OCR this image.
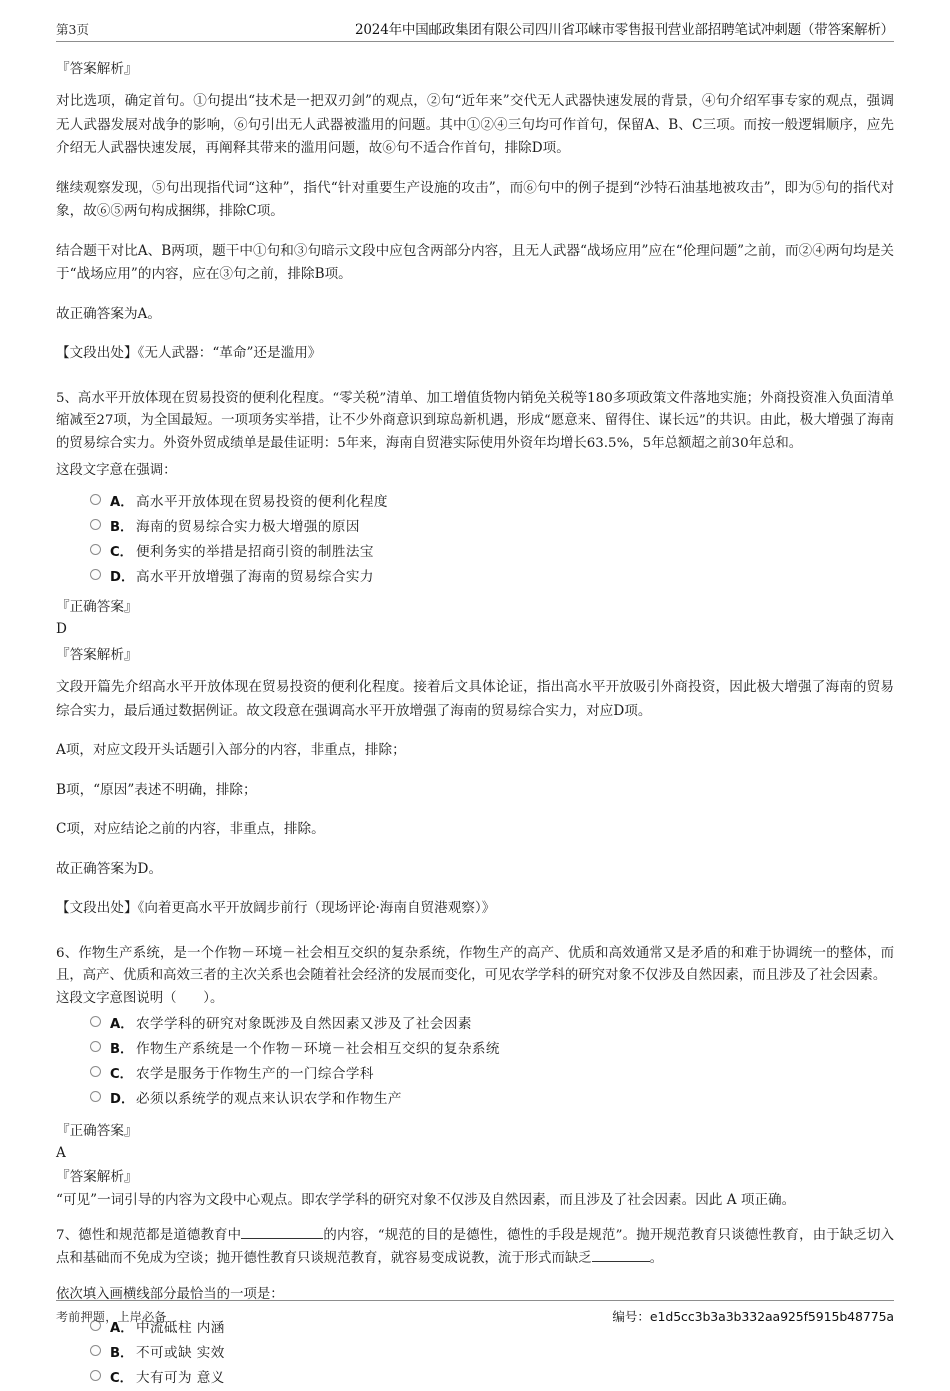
第3页	2024年中国邮政集团有限公司四川省邛崃市零售报刊营业部招聘笔试冲刺题（带答案解析）
『答案解析』
对比选项，确定首句。①句提出“技术是一把双刃剑”的观点，②句“近年来”交代无人武器快速发展的背景，④句介绍军事专家的观点，强调无人武器发展对战争的影响，⑥句引出无人武器被滥用的问题。其中①②④三句均可作首句，保留A、B、C三项。而按一般逻辑顺序，应先介绍无人武器快速发展，再阐释其带来的滥用问题，故⑥句不适合作首句，排除D项。
继续观察发现，⑤句出现指代词“这种”，指代“针对重要生产设施的攻击”，而⑥句中的例子提到“沙特石油基地被攻击”，即为⑤句的指代对象，故⑥⑤两句构成捆绑，排除C项。
结合题干对比A、B两项，题干中①句和③句暗示文段中应包含两部分内容，且无人武器“战场应用”应在“伦理问题”之前，而②④两句均是关于“战场应用”的内容，应在③句之前，排除B项。
故正确答案为A。
【文段出处】《无人武器：“革命”还是滥用》

5、高水平开放体现在贸易投资的便利化程度。“零关税”清单、加工增值货物内销免关税等180多项政策文件落地实施；外商投资准入负面清单缩减至27项，为全国最短。一项项务实举措，让不少外商意识到琼岛新机遇，形成“愿意来、留得住、谋长远”的共识。由此，极大增强了海南的贸易综合实力。外资外贸成绩单是最佳证明：5年来，海南自贸港实际使用外资年均增长63.5%，5年总额超之前30年总和。

这段文字意在强调：

A． 高水平开放体现在贸易投资的便利化程度
B． 海南的贸易综合实力极大增强的原因
C． 便利务实的举措是招商引资的制胜法宝
D． 高水平开放增强了海南的贸易综合实力
『正确答案』
D
『答案解析』
文段开篇先介绍高水平开放体现在贸易投资的便利化程度。接着后文具体论证，指出高水平开放吸引外商投资，因此极大增强了海南的贸易综合实力，最后通过数据例证。故文段意在强调高水平开放增强了海南的贸易综合实力，对应D项。
A项，对应文段开头话题引入部分的内容，非重点，排除；
B项，“原因”表述不明确，排除；
C项，对应结论之前的内容，非重点，排除。
故正确答案为D。
【文段出处】《向着更高水平开放阔步前行（现场评论·海南自贸港观察）》

6、作物生产系统，是一个作物－环境－社会相互交织的复杂系统，作物生产的高产、优质和高效通常又是矛盾的和难于协调统一的整体，而且，高产、优质和高效三者的主次关系也会随着社会经济的发展而变化，可见农学学科的研究对象不仅涉及自然因素，而且涉及了社会因素。

这段文字意图说明（　　）。

A． 农学学科的研究对象既涉及自然因素又涉及了社会因素
B． 作物生产系统是一个作物－环境－社会相互交织的复杂系统
C． 农学是服务于作物生产的一门综合学科
D． 必须以系统学的观点来认识农学和作物生产
『正确答案』
A
『答案解析』
“可见”一词引导的内容为文段中心观点。即农学学科的研究对象不仅涉及自然因素，而且涉及了社会因素。因此 A 项正确。

7、德性和规范都是道德教育中	的内容，“规范的目的是德性，德性的手段是规范”。抛开规范教育只谈德性教育，由于缺乏切入点和基础而不免成为空谈；抛开德性教育只谈规范教育，就容易变成说教，流于形式而缺乏	。

依次填入画横线部分最恰当的一项是：

A． 中流砥柱 内涵
B． 不可或缺 实效
C． 大有可为 意义
考前押题，上岸必备	编号：e1d5cc3b3a3b332aa925f5915b48775a
